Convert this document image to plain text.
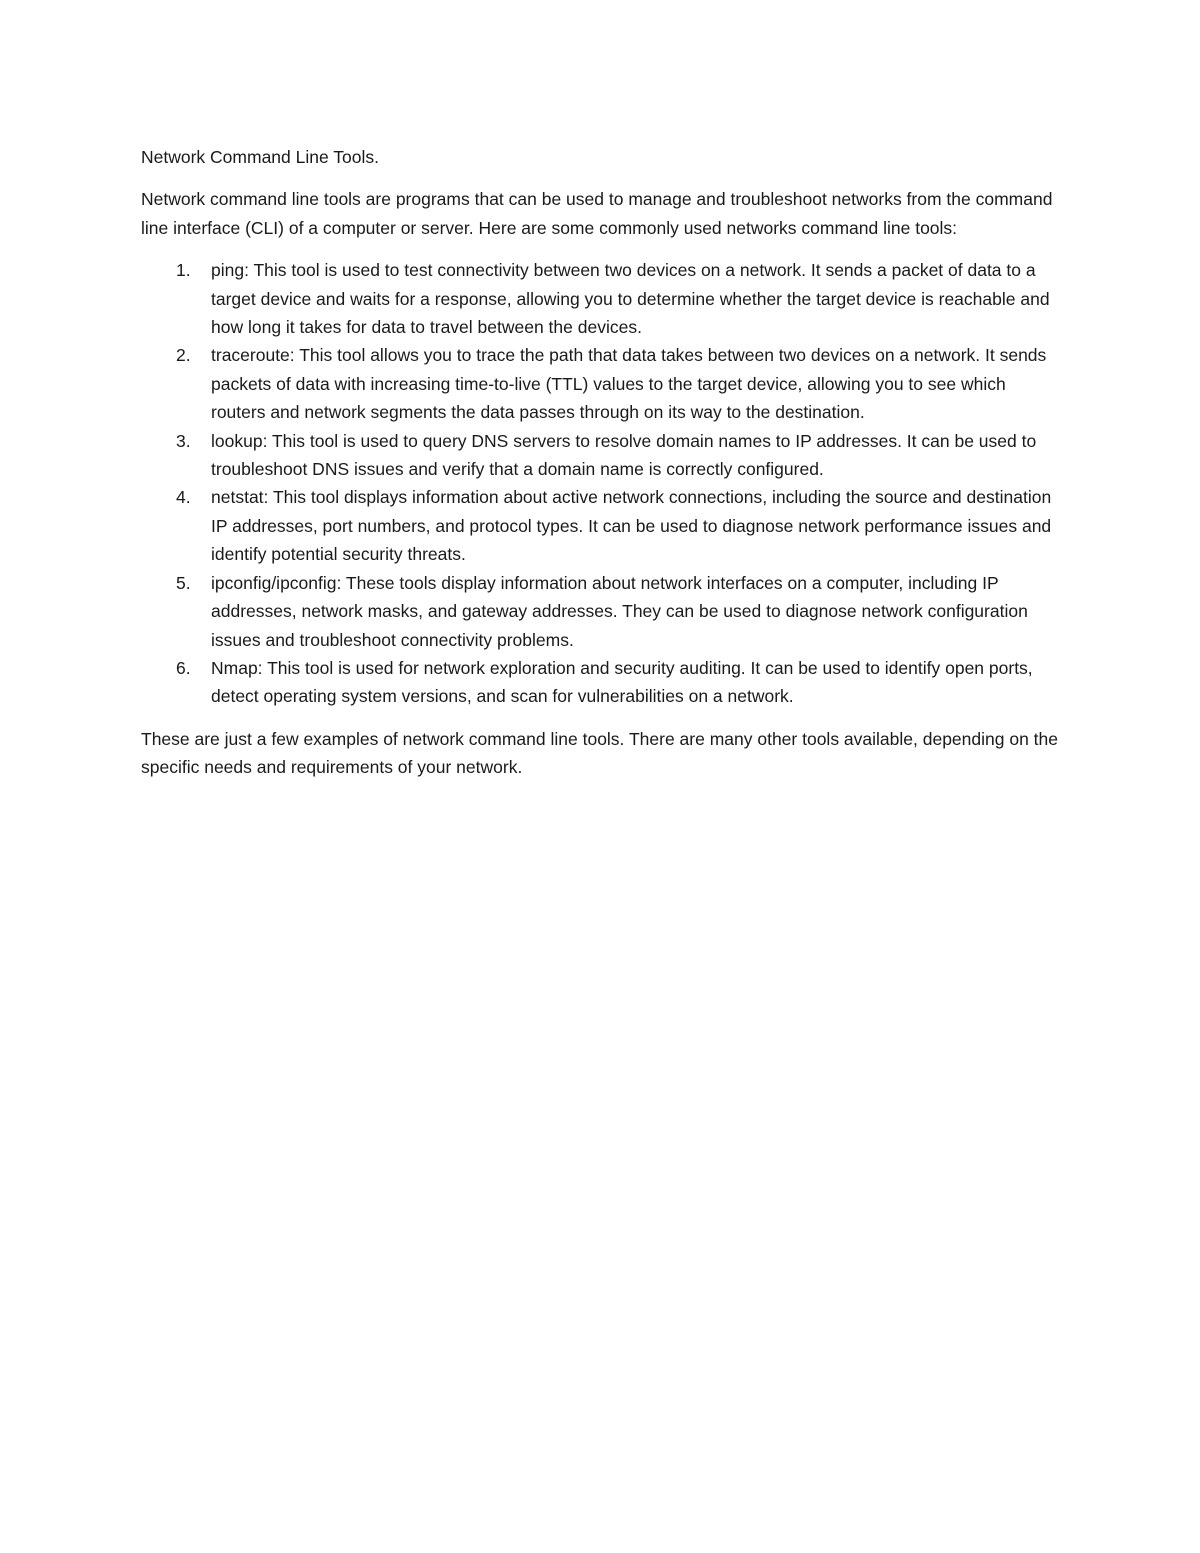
Network Command Line Tools.

Network command line tools are programs that can be used to manage and troubleshoot networks from the command line interface (CLI) of a computer or server. Here are some commonly used networks command line tools:

1. ping: This tool is used to test connectivity between two devices on a network. It sends a packet of data to a target device and waits for a response, allowing you to determine whether the target device is reachable and how long it takes for data to travel between the devices.
2. traceroute: This tool allows you to trace the path that data takes between two devices on a network. It sends packets of data with increasing time-to-live (TTL) values to the target device, allowing you to see which routers and network segments the data passes through on its way to the destination.
3. lookup: This tool is used to query DNS servers to resolve domain names to IP addresses. It can be used to troubleshoot DNS issues and verify that a domain name is correctly configured.
4. netstat: This tool displays information about active network connections, including the source and destination IP addresses, port numbers, and protocol types. It can be used to diagnose network performance issues and identify potential security threats.
5. ipconfig/ipconfig: These tools display information about network interfaces on a computer, including IP addresses, network masks, and gateway addresses. They can be used to diagnose network configuration issues and troubleshoot connectivity problems.
6. Nmap: This tool is used for network exploration and security auditing. It can be used to identify open ports, detect operating system versions, and scan for vulnerabilities on a network.

These are just a few examples of network command line tools. There are many other tools available, depending on the specific needs and requirements of your network.
